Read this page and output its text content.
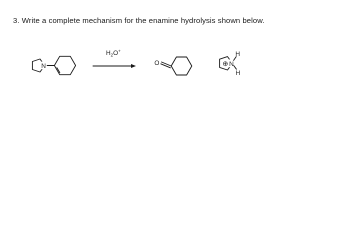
3. Write a complete mechanism for the enamine hydrolysis shown below.
N
$H_2O^+$
O	N
H
H
⊕
